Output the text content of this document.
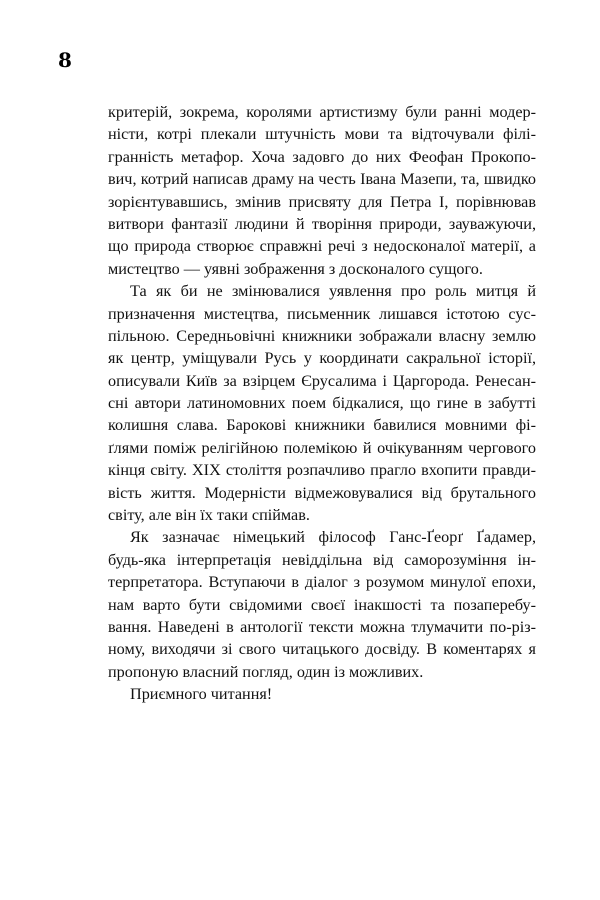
8
критерій, зокрема, королями артистизму були ранні модер-
ністи, котрі плекали штучність мови та відточували філі-
гранність метафор. Хоча задовго до них Феофан Прокопо-
вич, котрий написав драму на честь Івана Мазепи, та, швидко
зорієнтувавшись, змінив присвяту для Петра I, порівнював
витвори фантазії людини й творіння природи, зауважуючи,
що природа створює справжні речі з недосконалої матерії, а
мистецтво — уявні зображення з досконалого сущого.
Та як би не змінювалися уявлення про роль митця й
призначення мистецтва, письменник лишався істотою сус-
пільною. Середньовічні книжники зображали власну землю
як центр, уміщували Русь у координати сакральної історії,
описували Київ за взірцем Єрусалима і Царгорода. Ренесан-
сні автори латиномовних поем бідкалися, що гине в забутті
колишня слава. Барокові книжники бавилися мовними фі-
ґлями поміж релігійною полемікою й очікуванням чергового
кінця світу. XIX століття розпачливо прагло вхопити правди-
вість життя. Модерністи відмежовувалися від брутального
світу, але він їх таки спіймав.
Як зазначає німецький філософ Ганс-Ґеорґ Ґадамер,
будь-яка інтерпретація невіддільна від саморозуміння ін-
терпретатора. Вступаючи в діалог з розумом минулої епохи,
нам варто бути свідомими своєї інакшості та позаперебу-
вання. Наведені в антології тексти можна тлумачити по-різ-
ному, виходячи зі свого читацького досвіду. В коментарях я
пропоную власний погляд, один із можливих.
Приємного читання!
